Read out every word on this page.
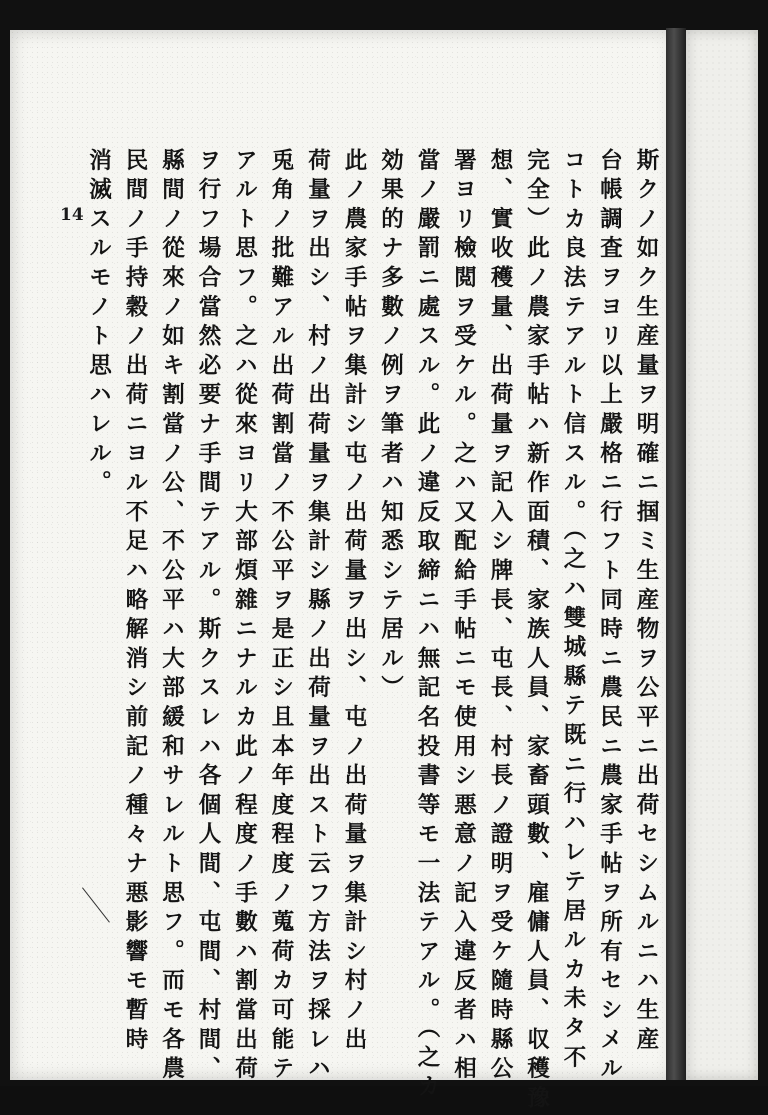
14	斯クノ如ク生産量ヲ明確ニ掴ミ生産物ヲ公平ニ出荷セシムルニハ生産
台帳調査ヲヨリ以上嚴格ニ行フト同時ニ農民ニ農家手帖ヲ所有セシメル
コトカ良法テアルト信スル。（之ハ雙城縣テ既ニ行ハレテ居ルカ未タ不
完全）此ノ農家手帖ハ新作面積、家族人員、家畜頭數、雇傭人員、収穫豫
想、實收穫量、出荷量ヲ記入シ牌長、屯長、村長ノ證明ヲ受ケ隨時縣公
署ヨリ檢閲ヲ受ケル。之ハ又配給手帖ニモ使用シ悪意ノ記入違反者ハ相
當ノ嚴罰ニ處スル。此ノ違反取締ニハ無記名投書等モ一法テアル。（之カ
効果的ナ多數ノ例ヲ筆者ハ知悉シテ居ル）
此ノ農家手帖ヲ集計シ屯ノ出荷量ヲ出シ、屯ノ出荷量ヲ集計シ村ノ出
荷量ヲ出シ、村ノ出荷量ヲ集計シ縣ノ出荷量ヲ出スト云フ方法ヲ採レハ
兎角ノ批難アル出荷割當ノ不公平ヲ是正シ且本年度程度ノ蒐荷カ可能テ
アルト思フ。之ハ從來ヨリ大部煩雜ニナルカ此ノ程度ノ手數ハ割當出荷
ヲ行フ場合當然必要ナ手間テアル。斯クスレハ各個人間、屯間、村間、
縣間ノ從來ノ如キ割當ノ公、不公平ハ大部緩和サレルト思フ。而モ各農
民間ノ手持穀ノ出荷ニヨル不足ハ略解消シ前記ノ種々ナ悪影響モ暫時
消滅スルモノト思ハレル。
